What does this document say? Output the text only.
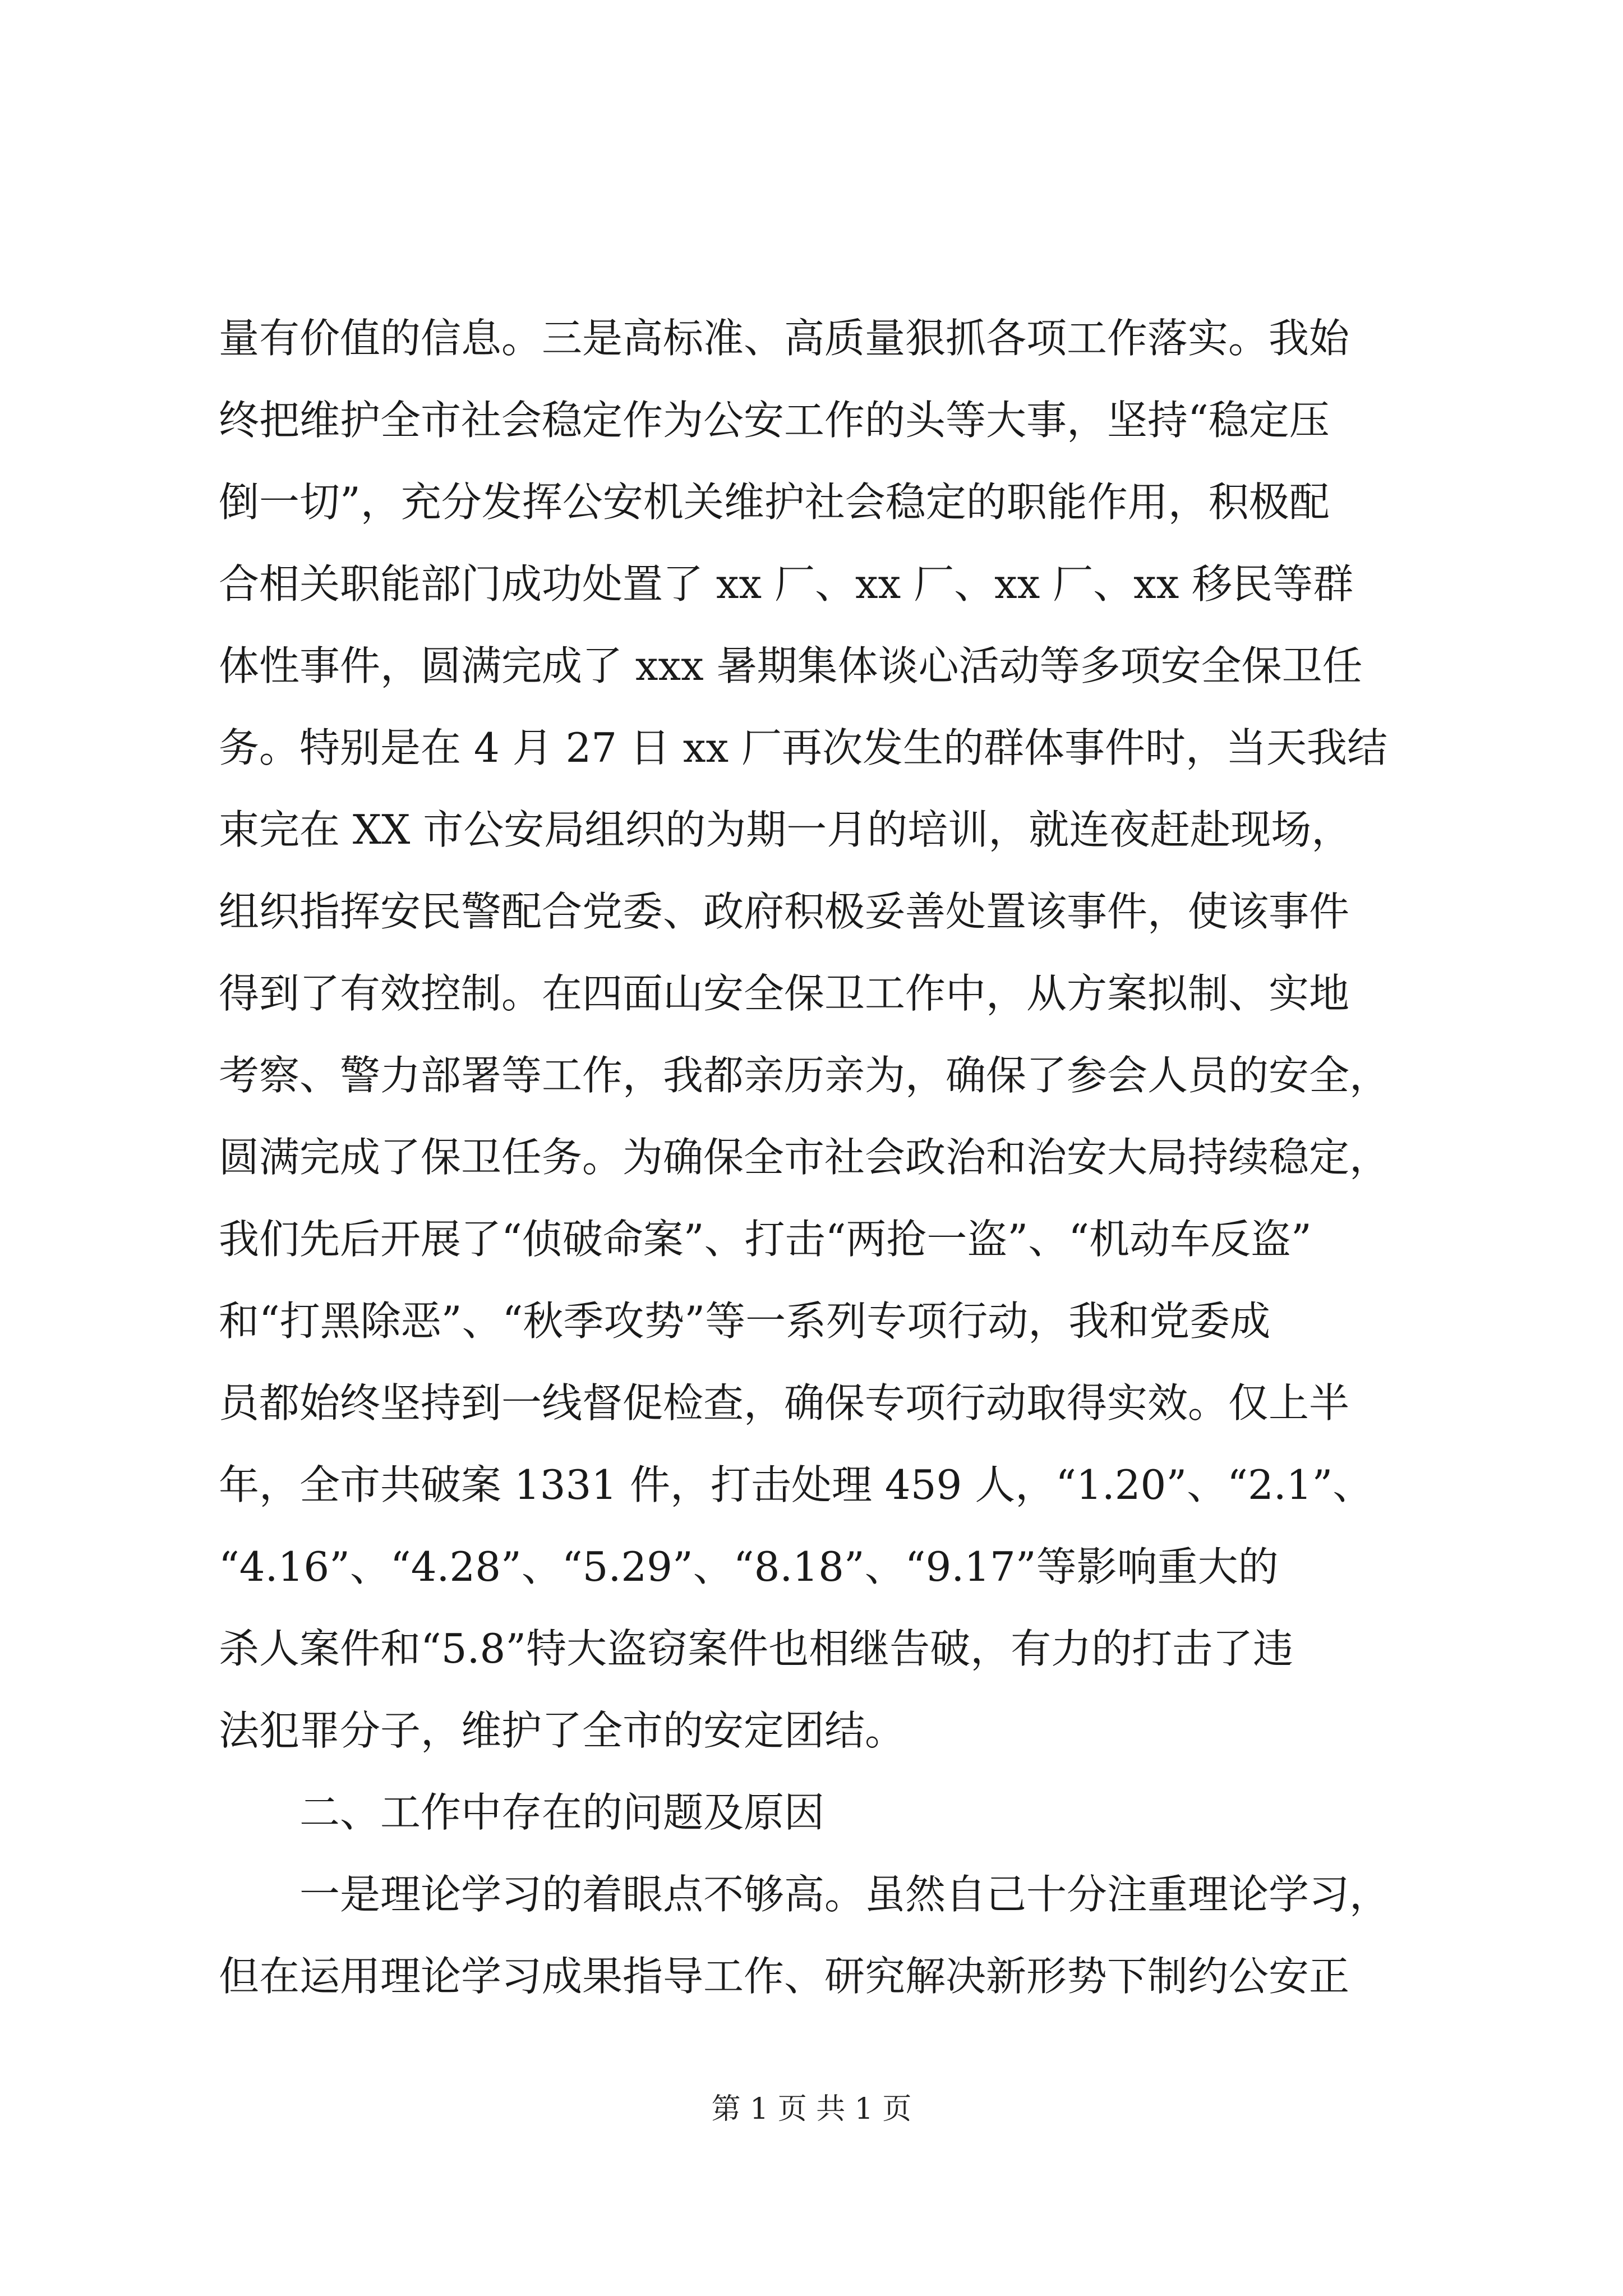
量有价值的信息。三是高标准、高质量狠抓各项工作落实。我始
终把维护全市社会稳定作为公安工作的头等大事，坚持“稳定压
倒一切”，充分发挥公安机关维护社会稳定的职能作用，积极配
合相关职能部门成功处置了 xx 厂、xx 厂、xx 厂、xx 移民等群
体性事件，圆满完成了 xxx 暑期集体谈心活动等多项安全保卫任
务。特别是在 4 月 27 日 xx 厂再次发生的群体事件时，当天我结
束完在 XX 市公安局组织的为期一月的培训，就连夜赶赴现场，
组织指挥安民警配合党委、政府积极妥善处置该事件，使该事件
得到了有效控制。在四面山安全保卫工作中，从方案拟制、实地
考察、警力部署等工作，我都亲历亲为，确保了参会人员的安全，
圆满完成了保卫任务。为确保全市社会政治和治安大局持续稳定，
我们先后开展了“侦破命案”、打击“两抢一盗”、“机动车反盗”
和“打黑除恶”、“秋季攻势”等一系列专项行动，我和党委成
员都始终坚持到一线督促检查，确保专项行动取得实效。仅上半
年，全市共破案 1331 件，打击处理 459 人，“1.20”、“2.1”、
“4.16”、“4.28”、“5.29”、“8.18”、“9.17”等影响重大的
杀人案件和“5.8”特大盗窃案件也相继告破，有力的打击了违
法犯罪分子，维护了全市的安定团结。
二、工作中存在的问题及原因
一是理论学习的着眼点不够高。虽然自己十分注重理论学习，
但在运用理论学习成果指导工作、研究解决新形势下制约公安正
第 1 页 共 1 页
